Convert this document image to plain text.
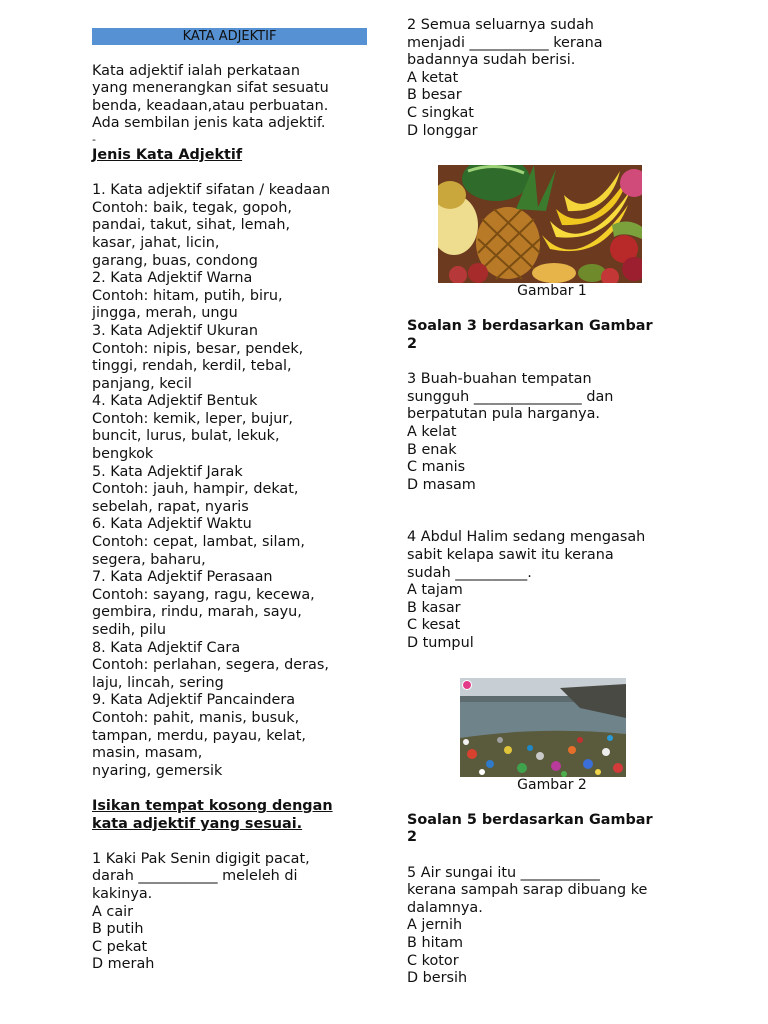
KATA ADJEKTIF
Kata adjektif ialah perkataan
yang menerangkan sifat sesuatu
benda, keadaan,atau perbuatan.
Ada sembilan jenis kata adjektif.
-
Jenis Kata Adjektif
1. Kata adjektif sifatan / keadaan
Contoh: baik, tegak, gopoh,
pandai, takut, sihat, lemah,
kasar, jahat, licin,
garang, buas, condong
2. Kata Adjektif Warna
Contoh: hitam, putih, biru,
jingga, merah, ungu
3. Kata Adjektif Ukuran
Contoh: nipis, besar, pendek,
tinggi, rendah, kerdil, tebal,
panjang, kecil
4. Kata Adjektif Bentuk
Contoh: kemik, leper, bujur,
buncit, lurus, bulat, lekuk,
bengkok
5. Kata Adjektif Jarak
Contoh: jauh, hampir, dekat,
sebelah, rapat, nyaris
6. Kata Adjektif Waktu
Contoh: cepat, lambat, silam,
segera, baharu,
7. Kata Adjektif Perasaan
Contoh: sayang, ragu, kecewa,
gembira, rindu, marah, sayu,
sedih, pilu
8. Kata Adjektif Cara
Contoh: perlahan, segera, deras,
laju, lincah, sering
9. Kata Adjektif Pancaindera
Contoh: pahit, manis, busuk,
tampan, merdu, payau, kelat,
masin, masam,
nyaring, gemersik
Isikan tempat kosong dengan
kata adjektif yang sesuai.
1 Kaki Pak Senin digigit pacat,
darah ___________ meleleh di
kakinya.
A cair
B putih
C pekat
D merah
2 Semua seluarnya sudah
menjadi ___________ kerana
badannya sudah berisi.
A ketat
B besar
C singkat
D longgar
Gambar 1
Soalan 3 berdasarkan Gambar
2
3 Buah-buahan tempatan
sungguh _______________ dan
berpatutan pula harganya.
A kelat
B enak
C manis
D masam
4 Abdul Halim sedang mengasah
sabit kelapa sawit itu kerana
sudah __________.
A tajam
B kasar
C kesat
D tumpul
Gambar 2
Soalan 5 berdasarkan Gambar
2
5 Air sungai itu ___________
kerana sampah sarap dibuang ke
dalamnya.
A jernih
B hitam
C kotor
D bersih
